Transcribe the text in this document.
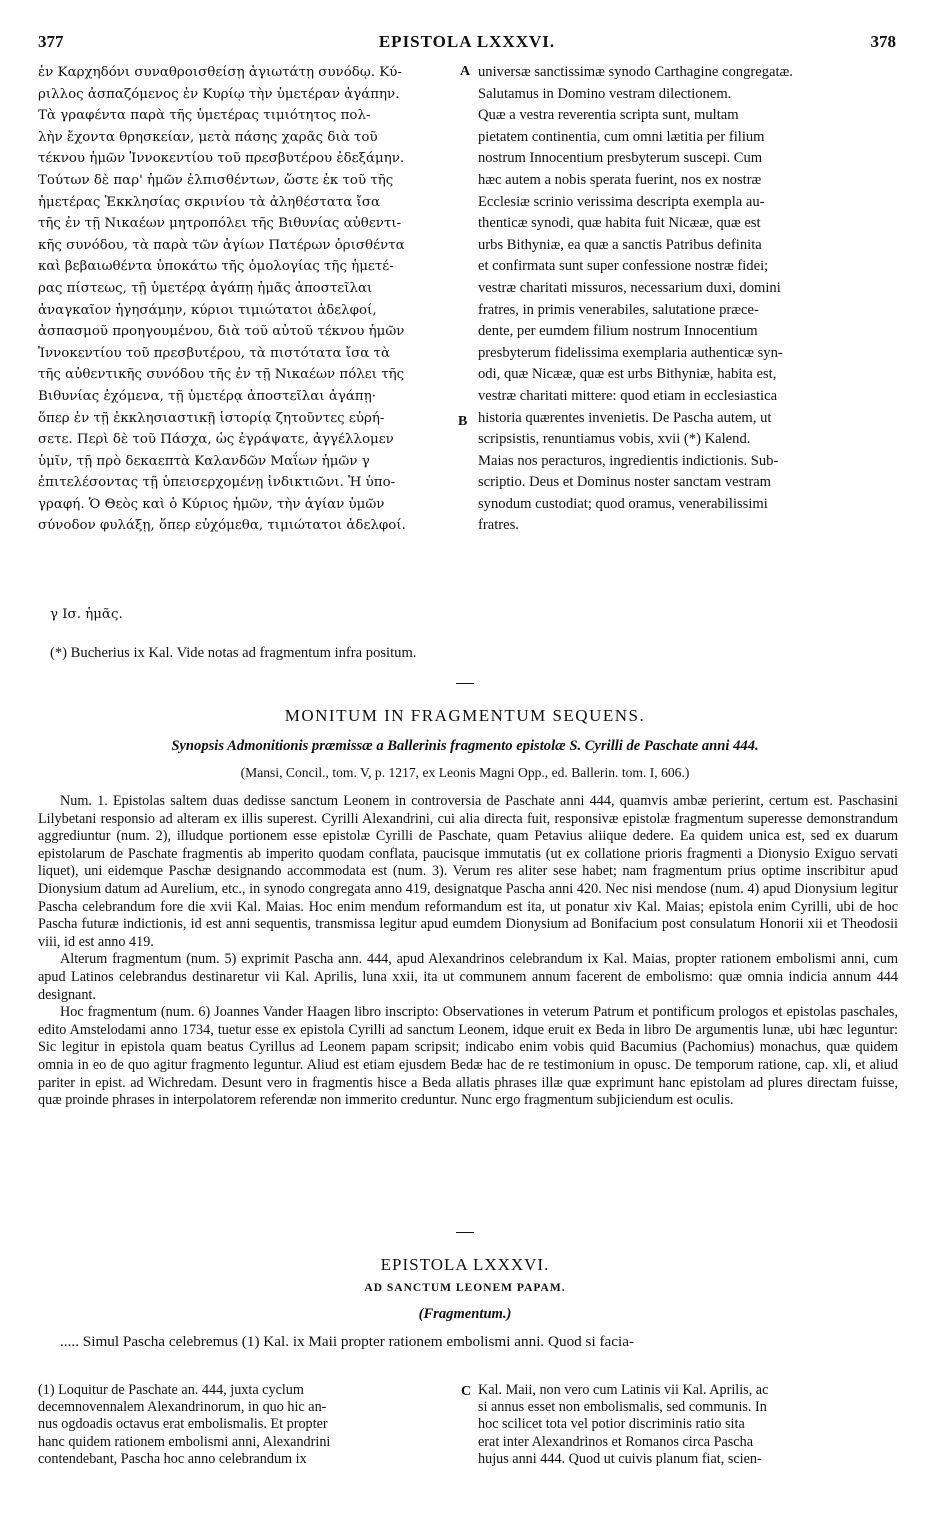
377	EPISTOLA LXXXVI.	378
ἐν Καρχηδόνι συναθροισθείσῃ ἁγιωτάτῃ συνόδῳ. Κύ-
ριλλος ἀσπαζόμενος ἐν Κυρίῳ τὴν ὑμετέραν ἀγάπην.
Τὰ γραφέντα παρὰ τῆς ὑμετέρας τιμιότητος πολ-
λὴν ἔχοντα θρησκείαν, μετὰ πάσης χαρᾶς διὰ τοῦ
τέκνου ἡμῶν Ἰννοκεντίου τοῦ πρεσβυτέρου ἐδεξάμην.
Τούτων δὲ παρ' ἡμῶν ἐλπισθέντων, ὥστε ἐκ τοῦ τῆς
ἡμετέρας Ἐκκλησίας σκρινίου τὰ ἀληθέστατα ἴσα
τῆς ἐν τῇ Νικαέων μητροπόλει τῆς Βιθυνίας αὐθεντι-
κῆς συνόδου, τὰ παρὰ τῶν ἁγίων Πατέρων ὁρισθέντα
καὶ βεβαιωθέντα ὑποκάτω τῆς ὁμολογίας τῆς ἡμετέ-
ρας πίστεως, τῇ ὑμετέρᾳ ἀγάπῃ ἡμᾶς ἀποστεῖλαι
ἀναγκαῖον ἡγησάμην, κύριοι τιμιώτατοι ἀδελφοί,
ἀσπασμοῦ προηγουμένου, διὰ τοῦ αὐτοῦ τέκνου ἡμῶν
Ἰννοκεντίου τοῦ πρεσβυτέρου, τὰ πιστότατα ἴσα τὰ
τῆς αὐθεντικῆς συνόδου τῆς ἐν τῇ Νικαέων πόλει τῆς
Βιθυνίας ἐχόμενα, τῇ ὑμετέρᾳ ἀποστεῖλαι ἀγάπῃ·
ὅπερ ἐν τῇ ἐκκλησιαστικῇ ἱστορίᾳ ζητοῦντες εὑρή-
σετε. Περὶ δὲ τοῦ Πάσχα, ὡς ἐγράψατε, ἀγγέλλομεν
ὑμῖν, τῇ πρὸ δεκαεπτὰ Καλανδῶν Μαΐων ἡμῶν γ
ἐπιτελέσοντας τῇ ὑπεισερχομένῃ ἰνδικτιῶνι. Ἡ ὑπο-
γραφή. Ὁ Θεὸς καὶ ὁ Κύριος ἡμῶν, τὴν ἁγίαν ὑμῶν
σύνοδον φυλάξῃ, ὅπερ εὐχόμεθα, τιμιώτατοι ἀδελφοί.
universæ sanctissimæ synodo Carthagine congregatæ.
Salutamus in Domino vestram dilectionem.
Quæ a vestra reverentia scripta sunt, multam
pietatem continentia, cum omni lætitia per filium
nostrum Innocentium presbyterum suscepi. Cum
hæc autem a nobis sperata fuerint, nos ex nostræ
Ecclesiæ scrinio verissima descripta exempla au-
thenticæ synodi, quæ habita fuit Nicææ, quæ est
urbs Bithyniæ, ea quæ a sanctis Patribus definita
et confirmata sunt super confessione nostræ fidei;
vestræ charitati missuros, necessarium duxi, domini
fratres, in primis venerabiles, salutatione præce-
dente, per eumdem filium nostrum Innocentium
presbyterum fidelissima exemplaria authenticæ syn-
odi, quæ Nicææ, quæ est urbs Bithyniæ, habita est,
vestræ charitati mittere: quod etiam in ecclesiastica
historia quærentes invenietis. De Pascha autem, ut
scripsistis, renuntiamus vobis, xvii (*) Kalend.
Maias nos peracturos, ingredientis indictionis. Sub-
scriptio. Deus et Dominus noster sanctam vestram
synodum custodiat; quod oramus, venerabilissimi
fratres.
A
B
γ Ισ. ἡμᾶς.
(*) Bucherius ix Kal. Vide notas ad fragmentum infra positum.
MONITUM IN FRAGMENTUM SEQUENS.
Synopsis Admonitionis præmissæ a Ballerinis fragmento epistolæ S. Cyrilli de Paschate anni 444.
(Mansi, Concil., tom. V, p. 1217, ex Leonis Magni Opp., ed. Ballerin. tom. I, 606.)

Num. 1. Epistolas saltem duas dedisse sanctum Leonem in controversia de Paschate anni 444, quamvis ambæ perierint, certum est. Paschasini Lilybetani responsio ad alteram ex illis superest. Cyrilli Alexandrini, cui alia directa fuit, responsivæ epistolæ fragmentum superesse demonstrandum aggrediuntur (num. 2), illudque portionem esse epistolæ Cyrilli de Paschate, quam Petavius aliique dedere. Ea quidem unica est, sed ex duarum epistolarum de Paschate fragmentis ab imperito quodam conflata, paucisque immutatis (ut ex collatione prioris fragmenti a Dionysio Exiguo servati liquet), uni eidemque Paschæ designando accommodata est (num. 3). Verum res aliter sese habet; nam fragmentum prius optime inscribitur apud Dionysium datum ad Aurelium, etc., in synodo congregata anno 419, designatque Pascha anni 420. Nec nisi mendose (num. 4) apud Dionysium legitur Pascha celebrandum fore die xvii Kal. Maias. Hoc enim mendum reformandum est ita, ut ponatur xiv Kal. Maias; epistola enim Cyrilli, ubi de hoc Pascha futuræ indictionis, id est anni sequentis, transmissa legitur apud eumdem Dionysium ad Bonifacium post consulatum Honorii xii et Theodosii viii, id est anno 419.

Alterum fragmentum (num. 5) exprimit Pascha ann. 444, apud Alexandrinos celebrandum ix Kal. Maias, propter rationem embolismi anni, cum apud Latinos celebrandus destinaretur vii Kal. Aprilis, luna xxii, ita ut communem annum facerent de embolismo: quæ omnia indicia annum 444 designant.

Hoc fragmentum (num. 6) Joannes Vander Haagen libro inscripto: Observationes in veterum Patrum et pontificum prologos et epistolas paschales, edito Amstelodami anno 1734, tuetur esse ex epistola Cyrilli ad sanctum Leonem, idque eruit ex Beda in libro De argumentis lunæ, ubi hæc leguntur: Sic legitur in epistola quam beatus Cyrillus ad Leonem papam scripsit; indicabo enim vobis quid Bacumius (Pachomius) monachus, quæ quidem omnia in eo de quo agitur fragmento leguntur. Aliud est etiam ejusdem Bedæ hac de re testimonium in opusc. De temporum ratione, cap. xli, et aliud pariter in epist. ad Wichredam. Desunt vero in fragmentis hisce a Beda allatis phrases illæ quæ exprimunt hanc epistolam ad plures directam fuisse, quæ proinde phrases in interpolatorem referendæ non immerito creduntur. Nunc ergo fragmentum subjiciendum est oculis.

EPISTOLA LXXXVI.
AD SANCTUM LEONEM PAPAM.
(Fragmentum.)
..... Simul Pascha celebremus (1) Kal. ix Maii propter rationem embolismi anni. Quod si facia-
(1) Loquitur de Paschate an. 444, juxta cyclum
decemnovennalem Alexandrinorum, in quo hic an-
nus ogdoadis octavus erat embolismalis. Et propter
hanc quidem rationem embolismi anni, Alexandrini
contendebant, Pascha hoc anno celebrandum ix
C Kal. Maii, non vero cum Latinis vii Kal. Aprilis, ac
si annus esset non embolismalis, sed communis. In
hoc scilicet tota vel potior discriminis ratio sita
erat inter Alexandrinos et Romanos circa Pascha
hujus anni 444. Quod ut cuivis planum fiat, scien-
